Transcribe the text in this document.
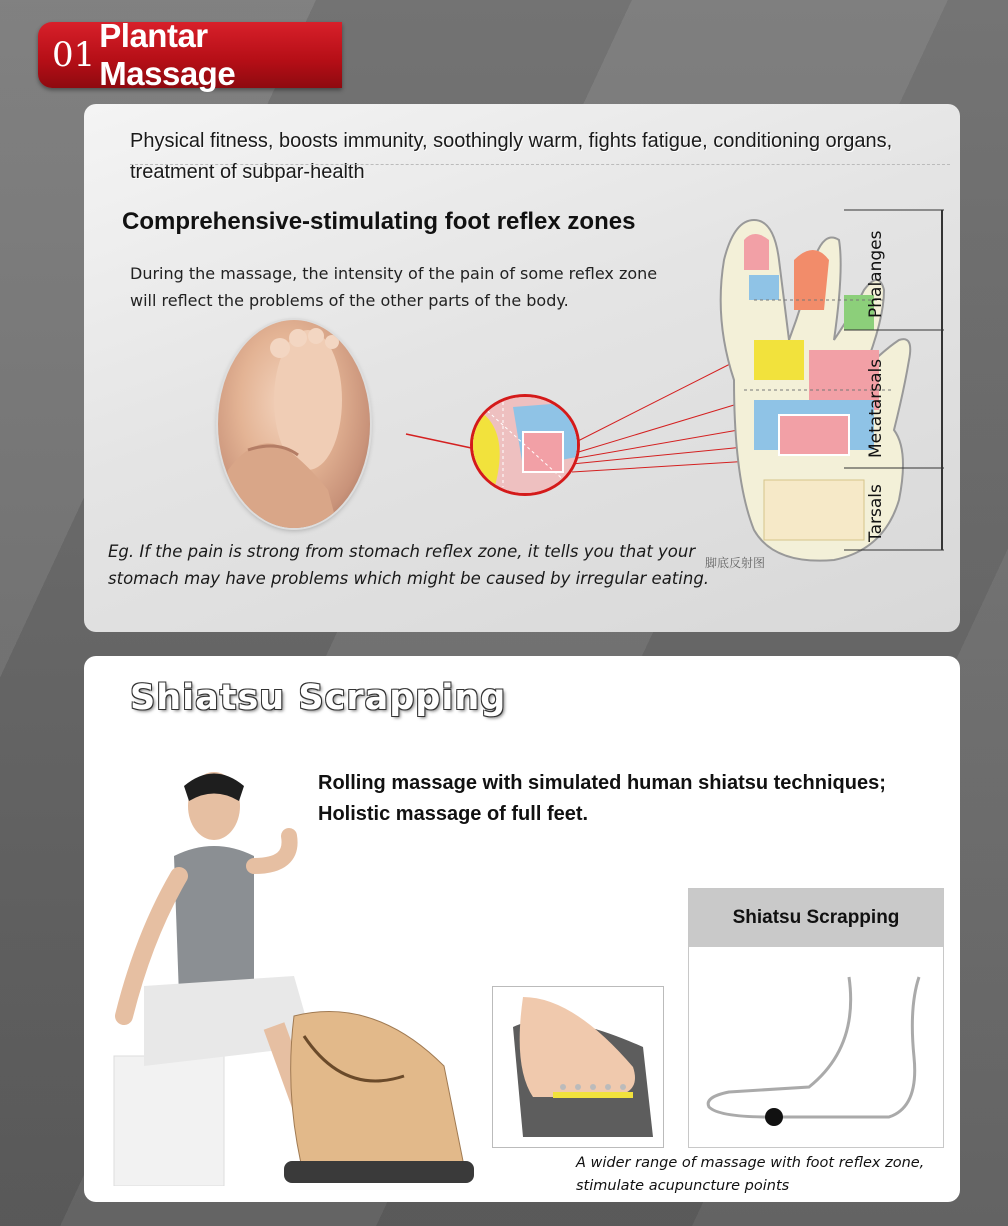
01 Plantar Massage
Physical fitness, boosts immunity, soothingly warm, fights fatigue, conditioning organs, treatment of subpar-health
Comprehensive-stimulating foot reflex zones
During the massage, the intensity of the pain of some reflex zone will reflect the problems of the other parts of the body.
脚底反射图
Phalanges
Metatarsals
Tarsals
Eg. If the pain is strong from stomach reflex zone, it tells you that your stomach may have problems which might be caused by irregular eating.
Shiatsu Scrapping
Rolling massage with simulated human shiatsu techniques; Holistic massage of full feet.
Shiatsu Scrapping
A wider range of massage with foot reflex zone, stimulate acupuncture points
